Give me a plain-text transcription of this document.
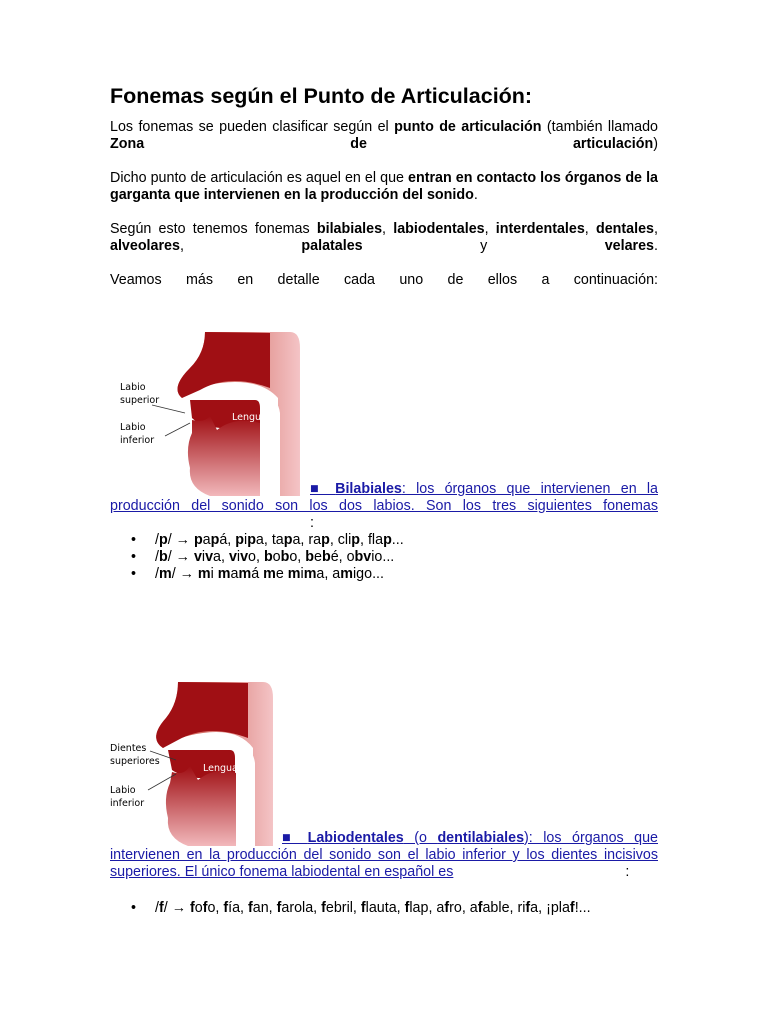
Fonemas según el Punto de Articulación:

Los fonemas se pueden clasificar según el punto de articulación (también llamado Zona de articulación)

Dicho punto de articulación es aquel en el que entran en contacto los órganos de la garganta que intervienen en la producción del sonido.

Según esto tenemos fonemas bilabiales, labiodentales, interdentales, dentales, alveolares, palatales y velares.

Veamos más en detalle cada uno de ellos a continuación:

Labio
superior
Labio
inferior
Lengua

■ Bilabiales: los órganos que intervienen en la producción del sonido son los dos labios. Son los tres siguientes fonemas:

• /p/ → papá, pipa, tapa, rap, clip, flap...
• /b/ → viva, vivo, bobo, bebé, obvio...
• /m/ → mi mamá me mima, amigo...
Dientes
superiores
Labio
inferior
Lengua

■ Labiodentales (o dentilabiales): los órganos que intervienen en la producción del sonido son el labio inferior y los dientes incisivos superiores. El único fonema labiodental en español es	:

• /f/ → fofo, fía, fan, farola, febril, flauta, flap, afro, afable, rifa, ¡plaf!...
